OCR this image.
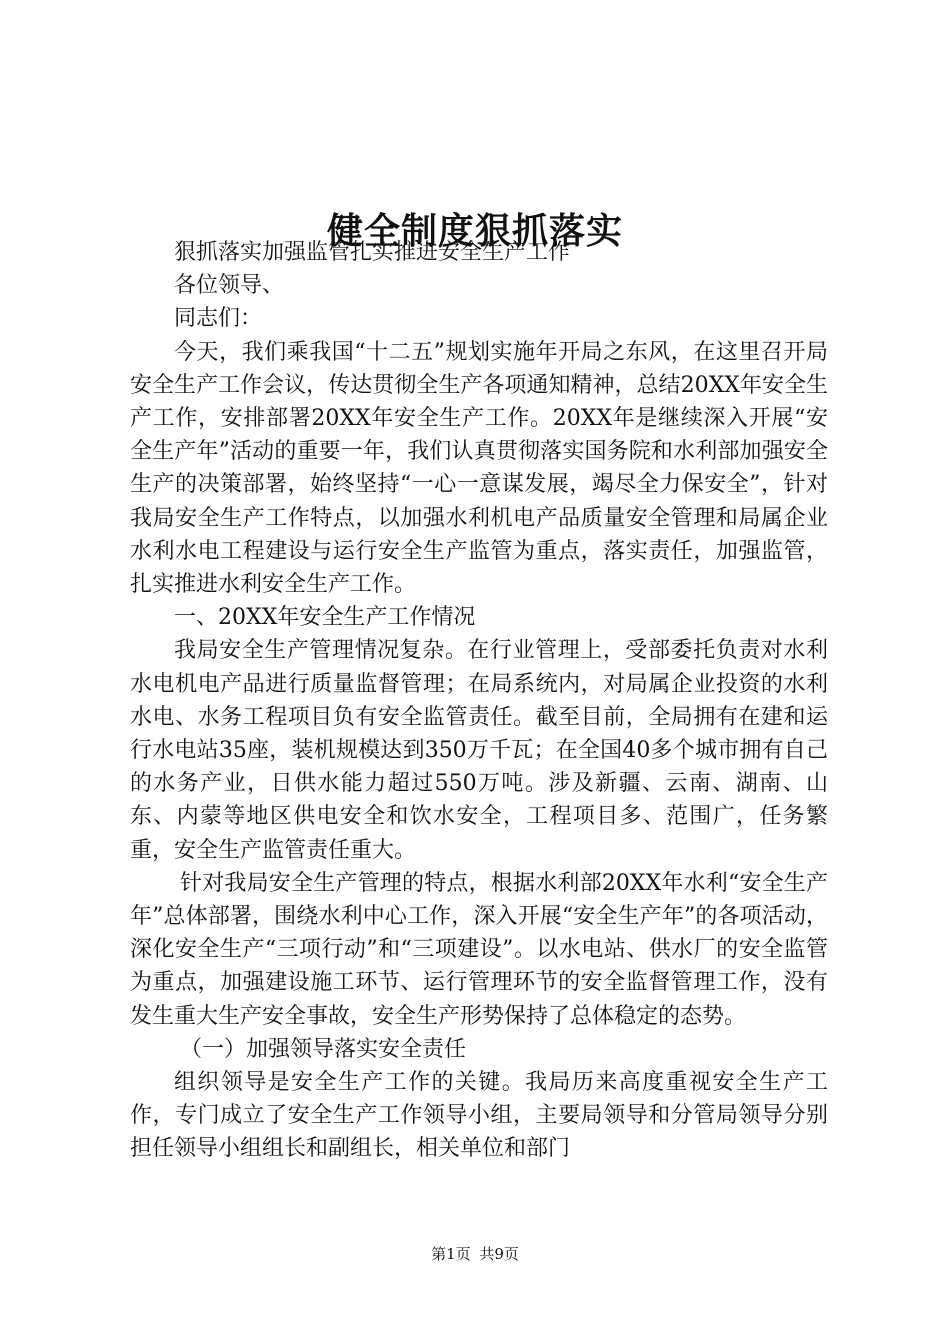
健全制度狠抓落实

狠抓落实加强监管扎实推进安全生产工作

各位领导、

同志们：

今天，我们乘我国“十二五”规划实施年开局之东风，在这里召开局安全生产工作会议，传达贯彻全生产各项通知精神，总结20XX年安全生产工作，安排部署20XX年安全生产工作。20XX年是继续深入开展“安全生产年”活动的重要一年，我们认真贯彻落实国务院和水利部加强安全生产的决策部署，始终坚持“一心一意谋发展，竭尽全力保安全”，针对我局安全生产工作特点，以加强水利机电产品质量安全管理和局属企业水利水电工程建设与运行安全生产监管为重点，落实责任，加强监管，扎实推进水利安全生产工作。

一、20XX年安全生产工作情况

我局安全生产管理情况复杂。在行业管理上，受部委托负责对水利水电机电产品进行质量监督管理；在局系统内，对局属企业投资的水利水电、水务工程项目负有安全监管责任。截至目前，全局拥有在建和运行水电站35座，装机规模达到350万千瓦；在全国40多个城市拥有自己的水务产业，日供水能力超过550万吨。涉及新疆、云南、湖南、山东、内蒙等地区供电安全和饮水安全，工程项目多、范围广，任务繁重，安全生产监管责任重大。

针对我局安全生产管理的特点，根据水利部20XX年水利“安全生产年”总体部署，围绕水利中心工作，深入开展“安全生产年”的各项活动，深化安全生产“三项行动”和“三项建设”。以水电站、供水厂的安全监管为重点，加强建设施工环节、运行管理环节的安全监督管理工作，没有发生重大生产安全事故，安全生产形势保持了总体稳定的态势。

（一）加强领导落实安全责任

组织领导是安全生产工作的关键。我局历来高度重视安全生产工作，专门成立了安全生产工作领导小组，主要局领导和分管局领导分别担任领导小组组长和副组长，相关单位和部门

第1页 共9页
